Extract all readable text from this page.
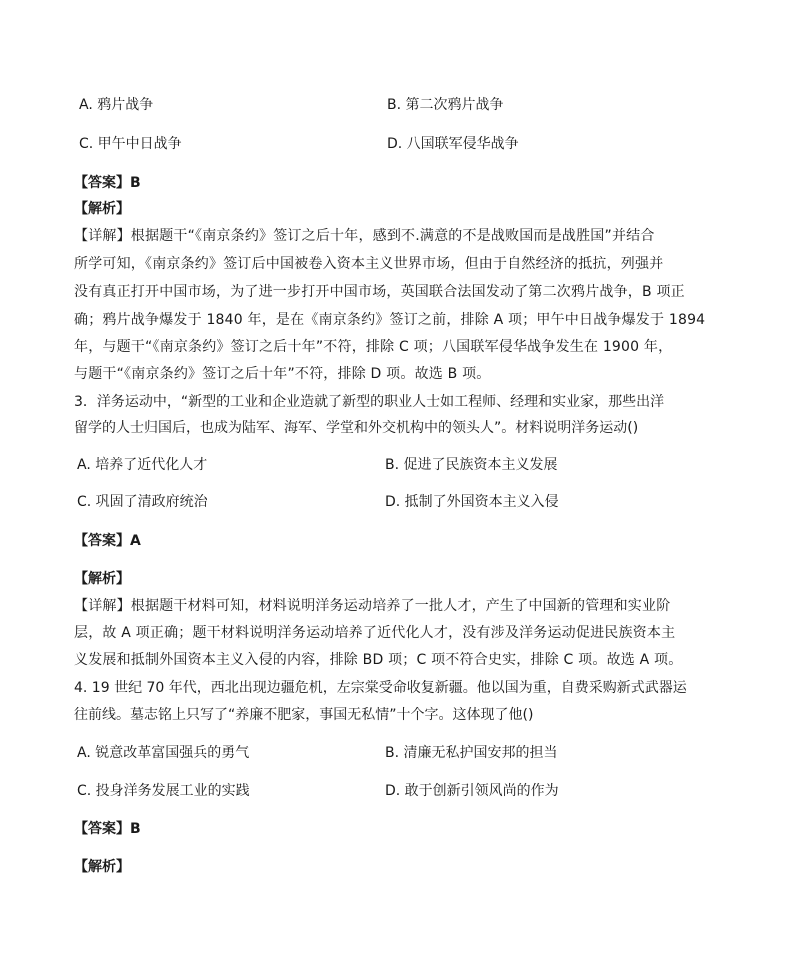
A. 鸦片战争	B. 第二次鸦片战争
C. 甲午中日战争	D. 八国联军侵华战争
【答案】B
【解析】
【详解】根据题干“《南京条约》签订之后十年，感到不.满意的不是战败国而是战胜国”并结合
所学可知，《南京条约》签订后中国被卷入资本主义世界市场，但由于自然经济的抵抗，列强并
没有真正打开中国市场，为了进一步打开中国市场，英国联合法国发动了第二次鸦片战争，B 项正
确；鸦片战争爆发于 1840 年，是在《南京条约》签订之前，排除 A 项；甲午中日战争爆发于 1894
年，与题干“《南京条约》签订之后十年”不符，排除 C 项；八国联军侵华战争发生在 1900 年，
与题干“《南京条约》签订之后十年”不符，排除 D 项。故选 B 项。
3．洋务运动中，“新型的工业和企业造就了新型的职业人士如工程师、经理和实业家，那些出洋
留学的人士归国后，也成为陆军、海军、学堂和外交机构中的领头人”。材料说明洋务运动()
A. 培养了近代化人才	B. 促进了民族资本主义发展
C. 巩固了清政府统治	D. 抵制了外国资本主义入侵
【答案】A
【解析】
【详解】根据题干材料可知，材料说明洋务运动培养了一批人才，产生了中国新的管理和实业阶
层，故 A 项正确；题干材料说明洋务运动培养了近代化人才，没有涉及洋务运动促进民族资本主
义发展和抵制外国资本主义入侵的内容，排除 BD 项；C 项不符合史实，排除 C 项。故选 A 项。
4. 19 世纪 70 年代，西北出现边疆危机，左宗棠受命收复新疆。他以国为重，自费采购新式武器运
往前线。墓志铭上只写了“养廉不肥家，事国无私情”十个字。这体现了他()
A. 锐意改革富国强兵的勇气	B. 清廉无私护国安邦的担当
C. 投身洋务发展工业的实践	D. 敢于创新引领风尚的作为
【答案】B
【解析】
